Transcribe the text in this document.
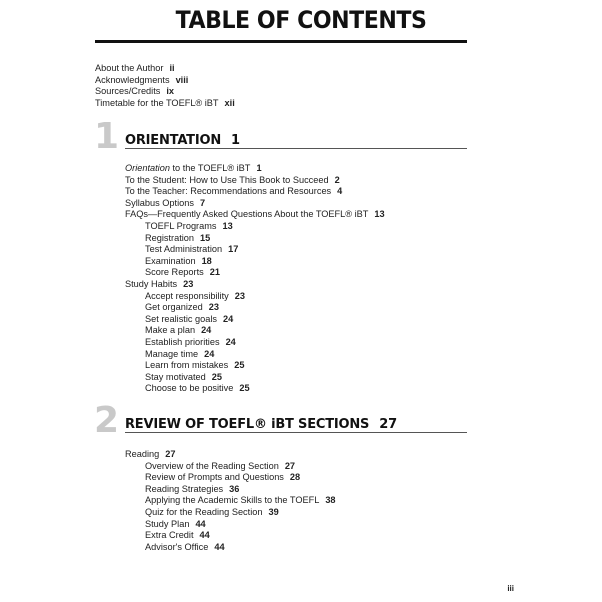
TABLE OF CONTENTS
About the Author ii
Acknowledgments viii
Sources/Credits ix
Timetable for the TOEFL® iBT xii
1 ORIENTATION 1
Orientation to the TOEFL® iBT 1
To the Student: How to Use This Book to Succeed 2
To the Teacher: Recommendations and Resources 4
Syllabus Options 7
FAQs—Frequently Asked Questions About the TOEFL® iBT 13
TOEFL Programs 13
Registration 15
Test Administration 17
Examination 18
Score Reports 21
Study Habits 23
Accept responsibility 23
Get organized 23
Set realistic goals 24
Make a plan 24
Establish priorities 24
Manage time 24
Learn from mistakes 25
Stay motivated 25
Choose to be positive 25
2 REVIEW OF TOEFL® iBT SECTIONS 27
Reading 27
Overview of the Reading Section 27
Review of Prompts and Questions 28
Reading Strategies 36
Applying the Academic Skills to the TOEFL 38
Quiz for the Reading Section 39
Study Plan 44
Extra Credit 44
Advisor's Office 44
iii
